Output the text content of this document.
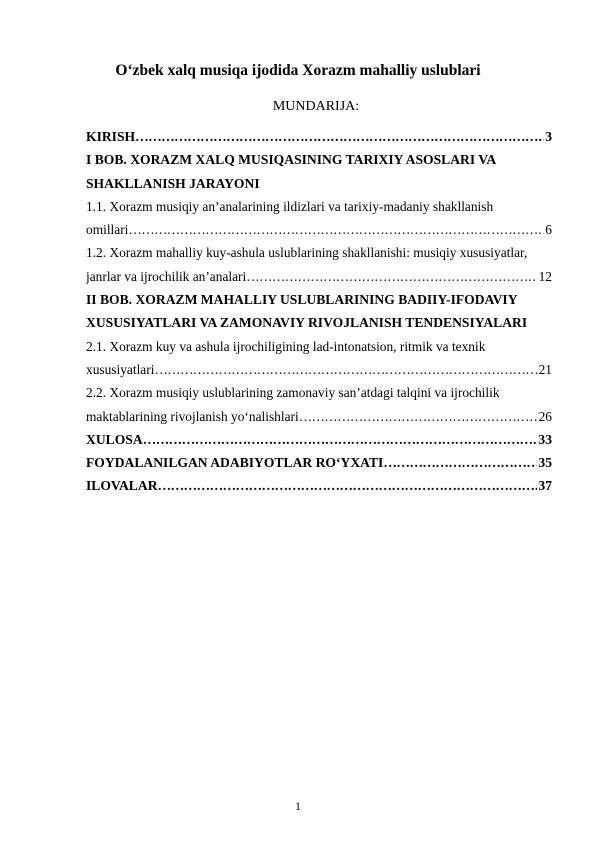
O‘zbek xalq musiqa ijodida Xorazm mahalliy uslublari
MUNDARIJA:
KIRISH ……………………………………………………………………………………………………………………………………………………………………………………………………	3
I BOB. XORAZM XALQ MUSIQASINING TARIXIY ASOSLARI VA
SHAKLLANISH JARAYONI
1.1. Xorazm musiqiy an’analarining ildizlari va tarixiy-madaniy shakllanish
omillari ……………………………………………………………………………………………………………………………………………………………………………………………………	6
1.2. Xorazm mahalliy kuy-ashula uslublarining shakllanishi: musiqiy xususiyatlar,
janrlar va ijrochilik an’analari ……………………………………………………………………………………………………………………………………………………………………………………………………	12
II BOB. XORAZM MAHALLIY USLUBLARINING BADIIY-IFODAVIY
XUSUSIYATLARI VA ZAMONAVIY RIVOJLANISH TENDENSIYALARI
2.1. Xorazm kuy va ashula ijrochiligining lad-intonatsion, ritmik va texnik
xususiyatlari ……………………………………………………………………………………………………………………………………………………………………………………………………	21
2.2. Xorazm musiqiy uslublarining zamonaviy san’atdagi talqini va ijrochilik
maktablarining rivojlanish yo‘nalishlari ……………………………………………………………………………………………………………………………………………………………………………………………………	26
XULOSA ……………………………………………………………………………………………………………………………………………………………………………………………………	33
FOYDALANILGAN ADABIYOTLAR RO‘YXATI ……………………………………………………………………………………………………………………………………………………………………………………………………	35
ILOVALAR ……………………………………………………………………………………………………………………………………………………………………………………………………	37
1
